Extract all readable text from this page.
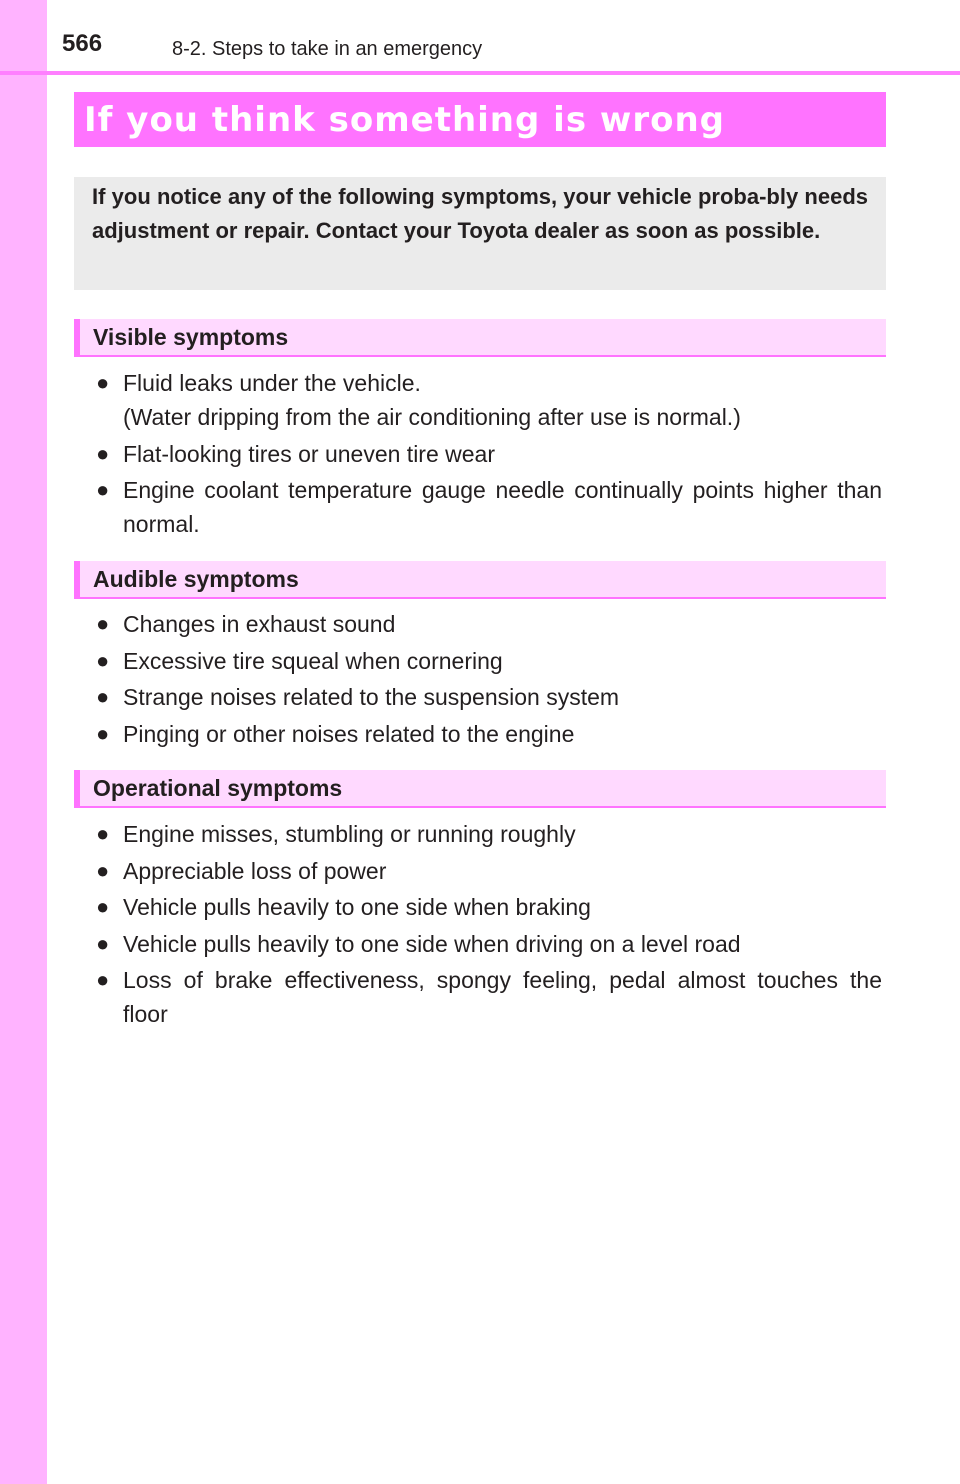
566	8-2. Steps to take in an emergency
If you think something is wrong

If you notice any of the following symptoms, your vehicle proba-bly needs adjustment or repair. Contact your Toyota dealer as soon as possible.

Visible symptoms
● Fluid leaks under the vehicle.
(Water dripping from the air conditioning after use is normal.)
● Flat-looking tires or uneven tire wear
● Engine coolant temperature gauge needle continually points higher than normal.
Audible symptoms
● Changes in exhaust sound
● Excessive tire squeal when cornering
● Strange noises related to the suspension system
● Pinging or other noises related to the engine
Operational symptoms
● Engine misses, stumbling or running roughly
● Appreciable loss of power
● Vehicle pulls heavily to one side when braking
● Vehicle pulls heavily to one side when driving on a level road
● Loss of brake effectiveness, spongy feeling, pedal almost touches the floor
